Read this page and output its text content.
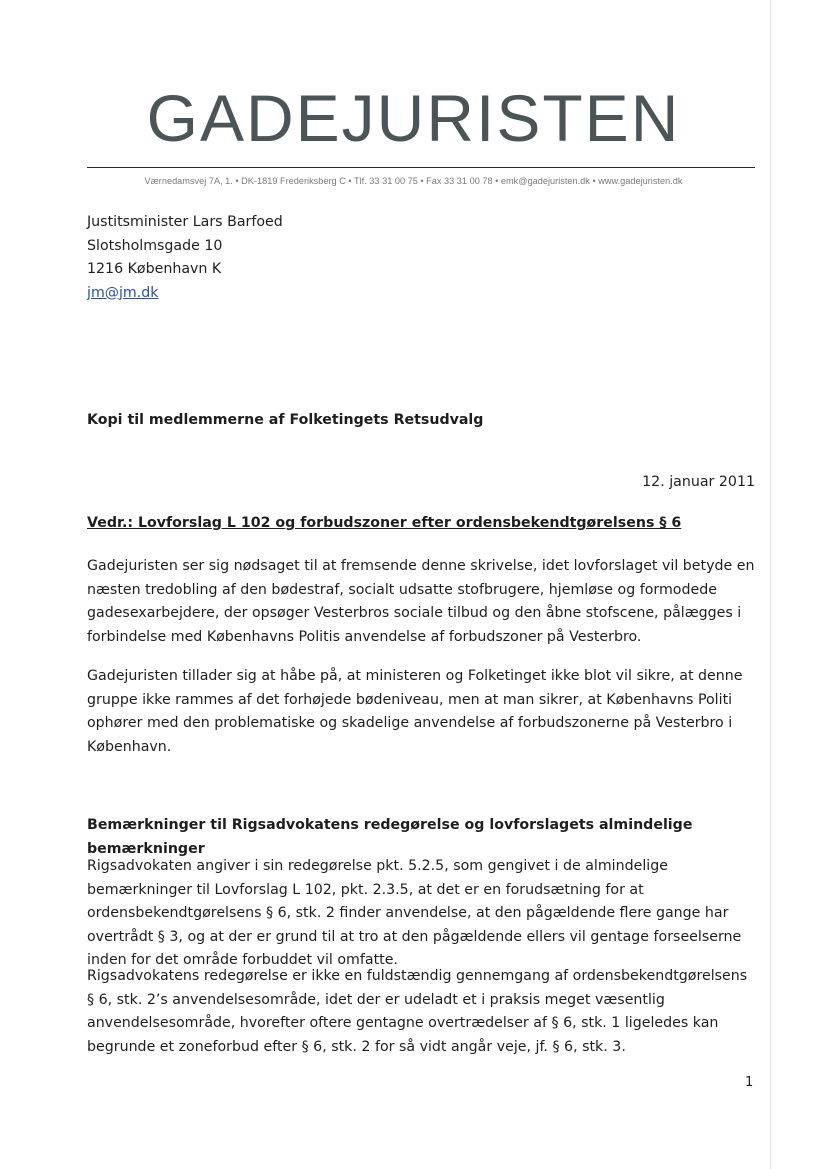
GADEJURISTEN
Værnedamsvej 7A, 1. • DK-1819 Frederiksberg C • Tlf. 33 31 00 75 • Fax 33 31 00 78 • emk@gadejuristen.dk • www.gadejuristen.dk
Justitsminister Lars Barfoed
Slotsholmsgade 10
1216 København K
jm@jm.dk
Kopi til medlemmerne af Folketingets Retsudvalg
12. januar 2011
Vedr.: Lovforslag L 102 og forbudszoner efter ordensbekendtgørelsens § 6

Gadejuristen ser sig nødsaget til at fremsende denne skrivelse, idet lovforslaget vil betyde en næsten tredobling af den bødestraf, socialt udsatte stofbrugere, hjemløse og formodede gadesexarbejdere, der opsøger Vesterbros sociale tilbud og den åbne stofscene, pålægges i forbindelse med Københavns Politis anvendelse af forbudszoner på Vesterbro.

Gadejuristen tillader sig at håbe på, at ministeren og Folketinget ikke blot vil sikre, at denne gruppe ikke rammes af det forhøjede bødeniveau, men at man sikrer, at Københavns Politi ophører med den problematiske og skadelige anvendelse af forbudszonerne på Vesterbro i København.

Bemærkninger til Rigsadvokatens redegørelse og lovforslagets almindelige bemærkninger

Rigsadvokaten angiver i sin redegørelse pkt. 5.2.5, som gengivet i de almindelige bemærkninger til Lovforslag L 102, pkt. 2.3.5, at det er en forudsætning for at ordensbekendtgørelsens § 6, stk. 2 finder anvendelse, at den pågældende flere gange har overtrådt § 3, og at der er grund til at tro at den pågældende ellers vil gentage forseelserne inden for det område forbuddet vil omfatte.

Rigsadvokatens redegørelse er ikke en fuldstændig gennemgang af ordensbekendtgørelsens § 6, stk. 2’s anvendelsesområde, idet der er udeladt et i praksis meget væsentlig anvendelsesområde, hvorefter oftere gentagne overtrædelser af § 6, stk. 1 ligeledes kan begrunde et zoneforbud efter § 6, stk. 2 for så vidt angår veje, jf. § 6, stk. 3.

1
